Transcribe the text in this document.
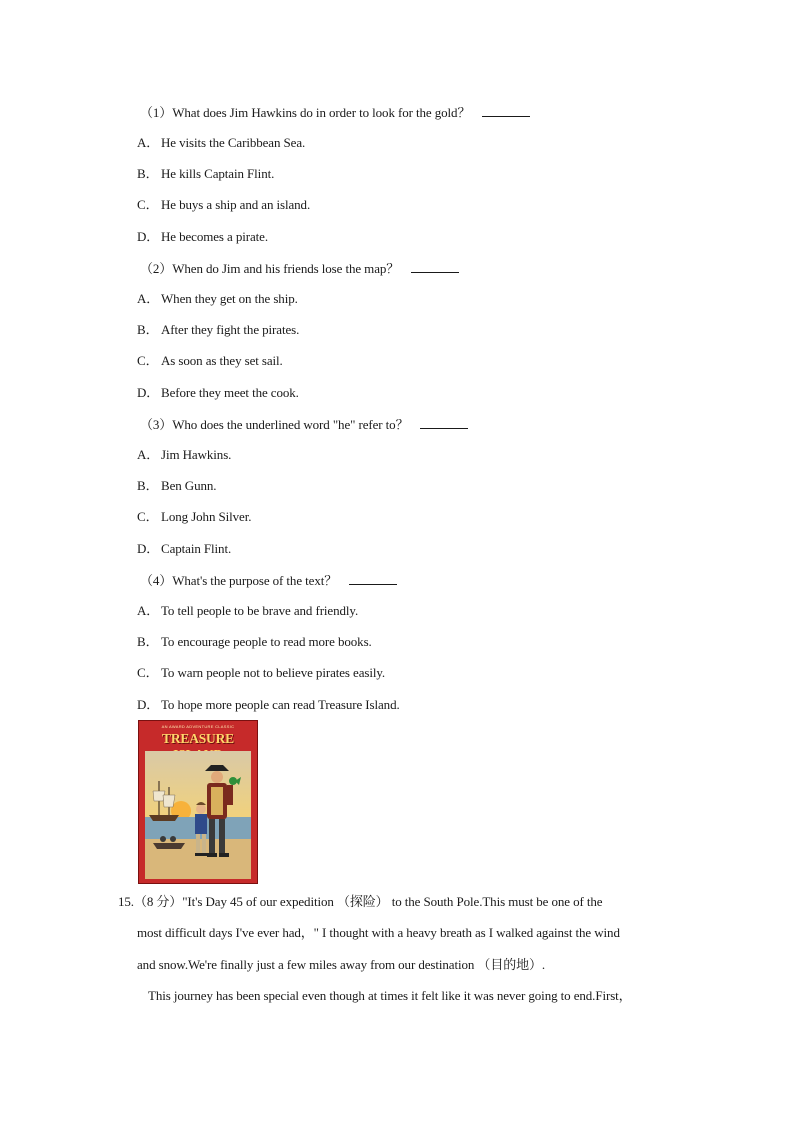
（1）What does Jim Hawkins do in order to look for the gold？
A． He visits the Caribbean Sea.
B． He kills Captain Flint.
C． He buys a ship and an island.
D． He becomes a pirate.
（2）When do Jim and his friends lose the map？
A． When they get on the ship.
B． After they fight the pirates.
C． As soon as they set sail.
D． Before they meet the cook.
（3）Who does the underlined word "he" refer to？
A． Jim Hawkins.
B． Ben Gunn.
C． Long John Silver.
D． Captain Flint.
（4）What's the purpose of the text？
A． To tell people to be brave and friendly.
B． To encourage people to read more books.
C． To warn people not to believe pirates easily.
D． To hope more people can read Treasure Island.
AN AWARD ADVENTURE CLASSIC
TREASURE
15.（8 分）"It's Day 45 of our expedition （探险） to the South Pole.This must be one of the
most difficult days I've ever had，" I thought with a heavy breath as I walked against the wind
and snow.We're finally just a few miles away from our destination （目的地）.
This journey has been special even though at times it felt like it was never going to end.First，
